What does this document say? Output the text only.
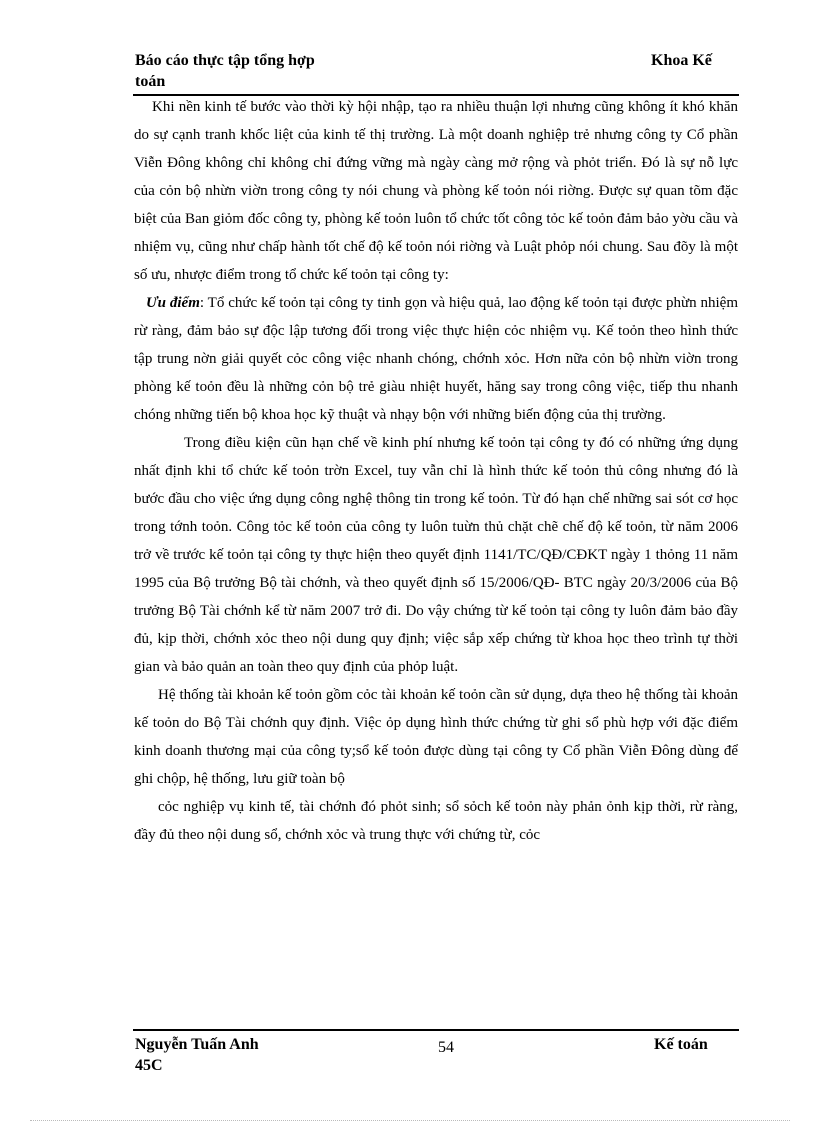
Báo cáo thực tập tổng hợp
toán
Khoa Kế

Khi nền kinh tế bước vào thời kỳ hội nhập, tạo ra nhiều thuận lợi nhưng cũng không ít khó khăn do sự cạnh tranh khốc liệt của kinh tế thị trường. Là một doanh nghiệp trẻ nhưng công ty Cổ phần Viễn Đông không chỉ không chỉ đứng vững mà ngày càng mở rộng và phỏt triển. Đó là sự nỗ lực của cỏn bộ nhừn viờn trong công ty nói chung và phòng kế toỏn nói riờng. Được sự quan tõm đặc biệt của Ban giỏm đốc công ty, phòng kế toỏn luôn tổ chức tốt công tỏc kế toỏn đảm bảo yờu cầu và nhiệm vụ, cũng như chấp hành tốt chế độ kế toỏn nói riờng và Luật phỏp nói chung. Sau đõy là một số ưu, nhược điểm trong tổ chức kế toỏn tại công ty:

Ưu điểm: Tổ chức kế toỏn tại công ty tinh gọn và hiệu quả, lao động kế toỏn tại được phừn nhiệm rừ ràng, đảm bảo sự độc lập tương đối trong việc thực hiện cỏc nhiệm vụ. Kế toỏn theo hình thức tập trung nờn giải quyết cỏc công việc nhanh chóng, chớnh xỏc. Hơn nữa cỏn bộ nhừn viờn trong phòng kế toỏn đều là những cỏn bộ trẻ giàu nhiệt huyết, hăng say trong công việc, tiếp thu nhanh chóng những tiến bộ khoa học kỹ thuật và nhạy bộn với những biến động của thị trường.

Trong điều kiện cũn hạn chế về kinh phí nhưng kế toỏn tại công ty đó có những ứng dụng nhất định khi tổ chức kế toỏn trờn Excel, tuy vẫn chỉ là hình thức kế toỏn thủ công nhưng đó là bước đầu cho việc ứng dụng công nghệ thông tin trong kế toỏn. Từ đó hạn chế những sai sót cơ học trong tớnh toỏn. Công tỏc kế toỏn của công ty luôn tuừn thủ chặt chẽ chế độ kế toỏn, từ năm 2006 trở về trước kế toỏn tại công ty thực hiện theo quyết định 1141/TC/QĐ/CĐKT ngày 1 thỏng 11 năm 1995 của Bộ trưởng Bộ tài chớnh, và theo quyết định số 15/2006/QĐ- BTC ngày 20/3/2006 của Bộ trưởng Bộ Tài chớnh kể từ năm 2007 trở đi. Do vậy chứng từ kế toỏn tại công ty luôn đảm bảo đầy đủ, kịp thời, chớnh xỏc theo nội dung quy định; việc sắp xếp chứng từ khoa học theo trình tự thời gian và bảo quản an toàn theo quy định của phỏp luật.

Hệ thống tài khoản kế toỏn gồm cỏc tài khoản kế toỏn cần sử dụng, dựa theo hệ thống tài khoản kế toỏn do Bộ Tài chớnh quy định. Việc ỏp dụng hình thức chứng từ ghi sổ phù hợp với đặc điểm kinh doanh thương mại của công ty;sổ kế toỏn được dùng tại công ty Cổ phần Viễn Đông dùng để ghi chộp, hệ thống, lưu giữ toàn bộ

cỏc nghiệp vụ kinh tế, tài chớnh đó phỏt sinh; sổ sỏch kế toỏn này phản ỏnh kịp thời, rừ ràng, đầy đủ theo nội dung sổ, chớnh xỏc và trung thực với chứng từ, cỏc

Nguyễn Tuấn Anh
45C
54	Kế toán
